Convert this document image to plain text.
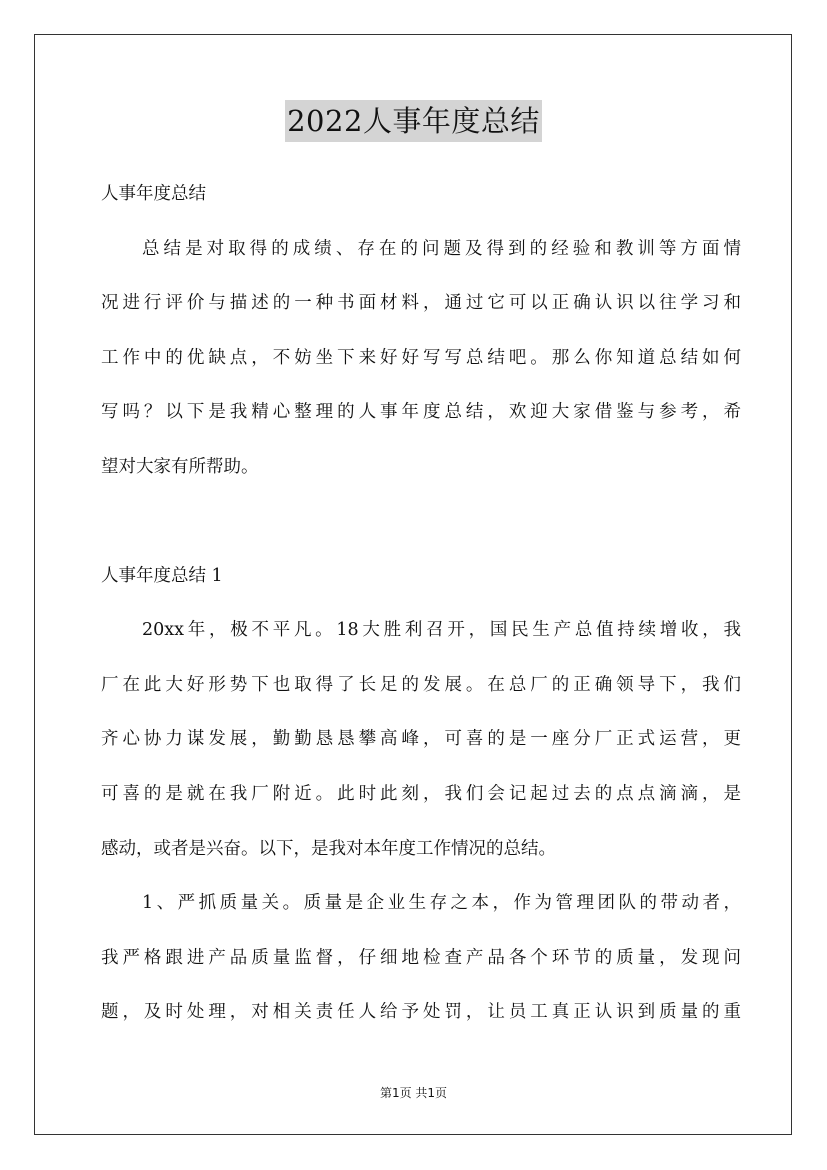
2022人事年度总结
人事年度总结
总结是对取得的成绩、存在的问题及得到的经验和教训等方面情
况进行评价与描述的一种书面材料，通过它可以正确认识以往学习和
工作中的优缺点，不妨坐下来好好写写总结吧。那么你知道总结如何
写吗？以下是我精心整理的人事年度总结，欢迎大家借鉴与参考，希
望对大家有所帮助。
人事年度总结 1
20xx年，极不平凡。18大胜利召开，国民生产总值持续增收，我
厂在此大好形势下也取得了长足的发展。在总厂的正确领导下，我们
齐心协力谋发展，勤勤恳恳攀高峰，可喜的是一座分厂正式运营，更
可喜的是就在我厂附近。此时此刻，我们会记起过去的点点滴滴，是
感动，或者是兴奋。以下，是我对本年度工作情况的总结。
1、严抓质量关。质量是企业生存之本，作为管理团队的带动者，
我严格跟进产品质量监督，仔细地检查产品各个环节的质量，发现问
题，及时处理，对相关责任人给予处罚，让员工真正认识到质量的重
第1页 共1页
